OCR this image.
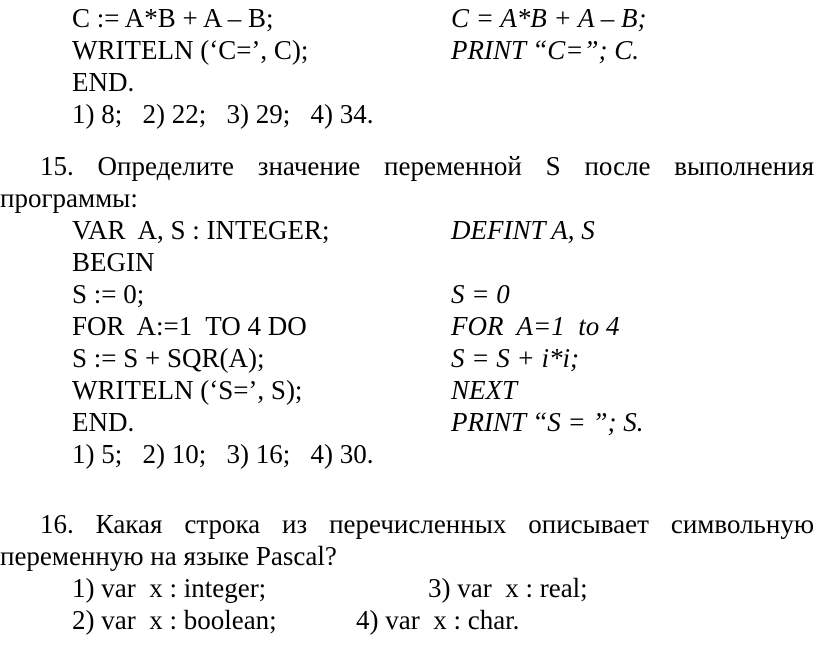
C := A*B + A – B;	C = A*B + A – B;
WRITELN (‘C=’, C);	PRINT “C=”; C.
END.
1) 8;   2) 22;   3) 29;   4) 34.
15. Определите значение переменной S после выполнения
программы:
VAR  A, S : INTEGER;	DEFINT A, S
BEGIN
S := 0;	S = 0
FOR  A:=1  TO 4 DO	FOR  A=1  to 4
S := S + SQR(A);	S = S + i*i;
WRITELN (‘S=’, S);	NEXT
END.	PRINT “S = ”; S.
1) 5;   2) 10;   3) 16;   4) 30.
16. Какая строка из перечисленных описывает символьную
переменную на языке Pascal?
1) var  x : integer;	3) var  x : real;
2) var  x : boolean;	4) var  x : char.
